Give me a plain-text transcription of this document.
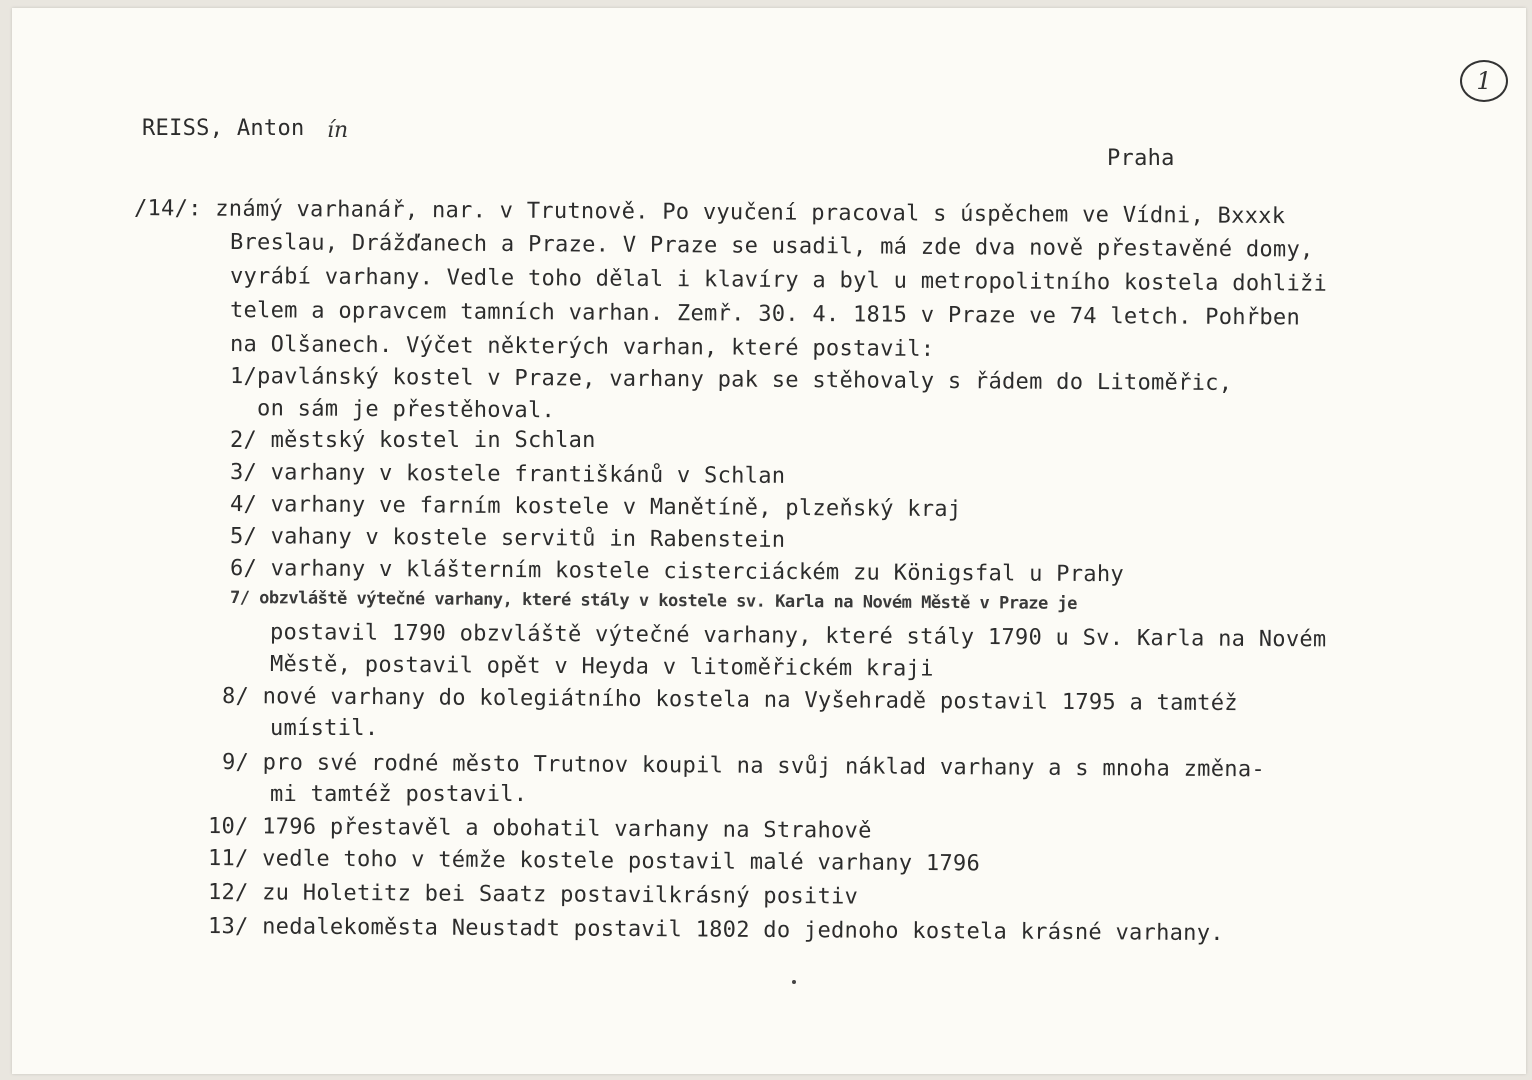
1
REISS, Anton ín
Praha
/14/: známý varhanář, nar. v Trutnově. Po vyučení pracoval s úspěchem ve Vídni, Bxxxk
Breslau, Drážďanech a Praze. V Praze se usadil, má zde dva nově přestavěné domy,
vyrábí varhany. Vedle toho dělal i klavíry a byl u metropolitního kostela dohliži
telem a opravcem tamních varhan. Zemř. 30. 4. 1815 v Praze ve 74 letch. Pohřben
na Olšanech. Výčet některých varhan, které postavil:
1/pavlánský kostel v Praze, varhany pak se stěhovaly s řádem do Litoměřic,
on sám je přestěhoval.
2/ městský kostel in Schlan
3/ varhany v kostele františkánů v Schlan
4/ varhany ve farním kostele v Manětíně, plzeňský kraj
5/ vahany v kostele servitů in Rabenstein
6/ varhany v klášterním kostele cisterciáckém zu Königsfal u Prahy
7/ obzvláště výtečné varhany, které stály v kostele sv. Karla na Novém Městě v Praze je
postavil 1790 obzvláště výtečné varhany, které stály 1790 u Sv. Karla na Novém
Městě, postavil opět v Heyda v litoměřickém kraji
8/ nové varhany do kolegiátního kostela na Vyšehradě postavil 1795 a tamtéž
umístil.
9/ pro své rodné město Trutnov koupil na svůj náklad varhany a s mnoha změna-
mi tamtéž postavil.
10/ 1796 přestavěl a obohatil varhany na Strahově
11/ vedle toho v témže kostele postavil malé varhany 1796
12/ zu Holetitz bei Saatz postavilkrásný positiv
13/ nedalekoměsta Neustadt postavil 1802 do jednoho kostela krásné varhany.
